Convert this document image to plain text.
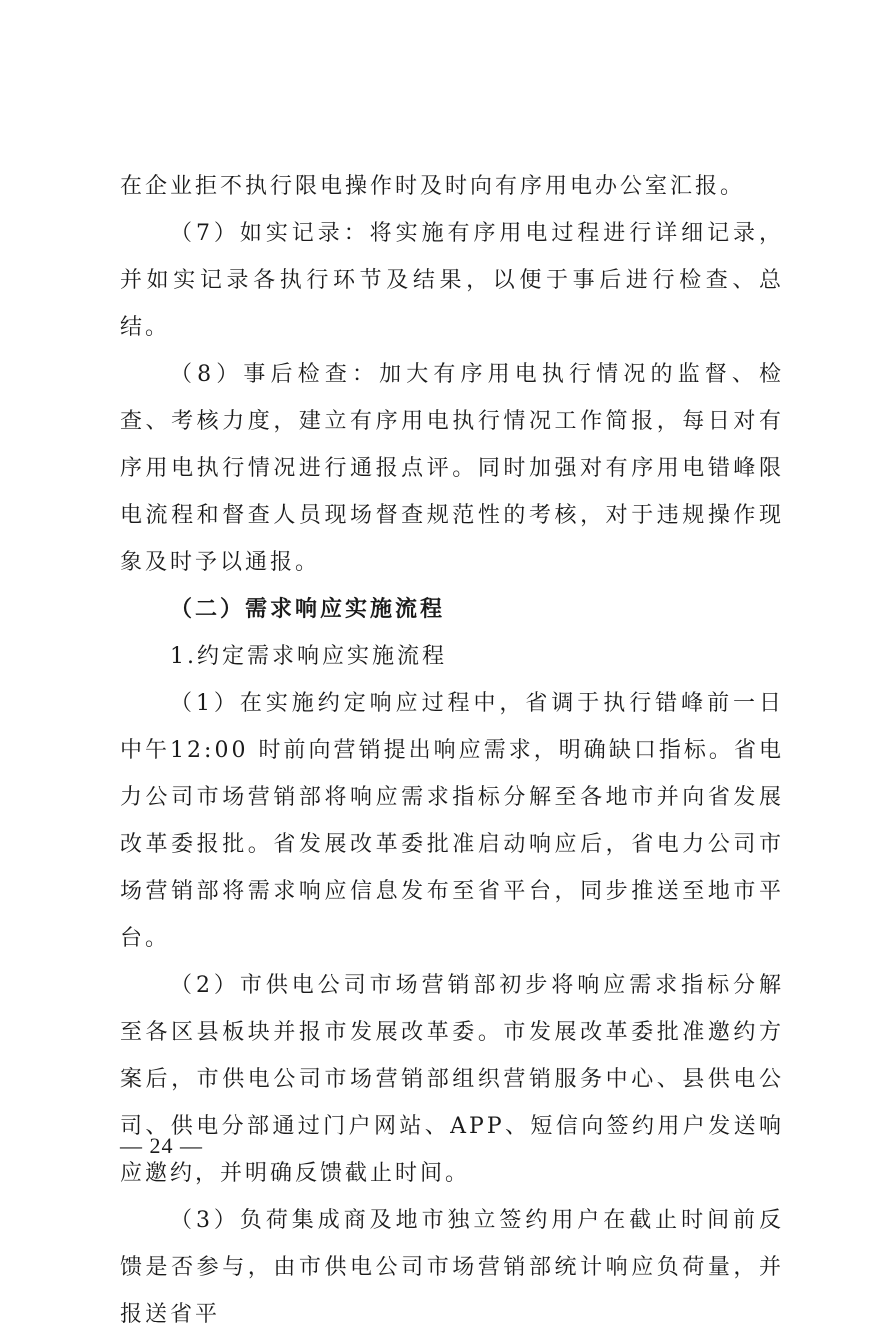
在企业拒不执行限电操作时及时向有序用电办公室汇报。

（7）如实记录：将实施有序用电过程进行详细记录，并如实记录各执行环节及结果，以便于事后进行检查、总结。

（8）事后检查：加大有序用电执行情况的监督、检查、考核力度，建立有序用电执行情况工作简报，每日对有序用电执行情况进行通报点评。同时加强对有序用电错峰限电流程和督查人员现场督查规范性的考核，对于违规操作现象及时予以通报。

（二）需求响应实施流程

1.约定需求响应实施流程

（1）在实施约定响应过程中，省调于执行错峰前一日中午12:00 时前向营销提出响应需求，明确缺口指标。省电力公司市场营销部将响应需求指标分解至各地市并向省发展改革委报批。省发展改革委批准启动响应后，省电力公司市场营销部将需求响应信息发布至省平台，同步推送至地市平台。

（2）市供电公司市场营销部初步将响应需求指标分解至各区县板块并报市发展改革委。市发展改革委批准邀约方案后，市供电公司市场营销部组织营销服务中心、县供电公司、供电分部通过门户网站、APP、短信向签约用户发送响应邀约，并明确反馈截止时间。

（3）负荷集成商及地市独立签约用户在截止时间前反馈是否参与，由市供电公司市场营销部统计响应负荷量，并报送省平

— 24 —
